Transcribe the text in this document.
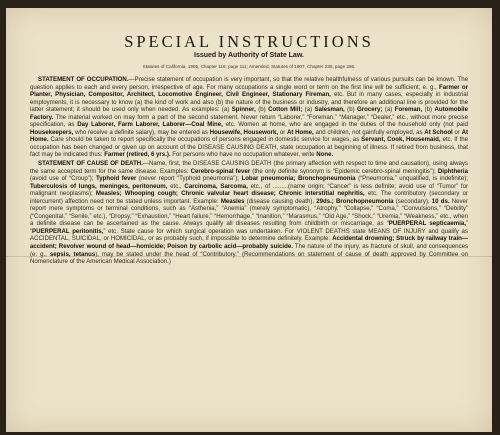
SPECIAL INSTRUCTIONS

Issued by Authority of State Law.

Statutes of California, 1905, Chapter 118, page 111; Amended, Statutes of 1907, Chapter 236, page 286.

STATEMENT OF OCCUPATION.—Precise statement of occupation is very important, so that the relative healthfulness of various pursuits can be known. The question applies to each and every person, irrespective of age. For many occupations a single word or term on the first line will be sufficient; e. g., Farmer or Planter, Physician, Compositor, Architect, Locomotive Engineer, Civil Engineer, Stationary Fireman, etc. But in many cases, especially in industrial employments, it is necessary to know (a) the kind of work and also (b) the nature of the business or industry, and therefore an additional line is provided for the latter statement; it should be used only when needed. As examples: (a) Spinner, (b) Cotton Mill; (a) Salesman, (b) Grocery; (a) Foreman, (b) Automobile Factory. The material worked on may form a part of the second statement. Never return “Laborer,” “Foreman,” “Manager,” “Dealer,” etc., without more precise specification, as Day Laborer, Farm Laborer, Laborer—Coal Mine, etc. Women at home, who are engaged in the duties of the household only (not paid Housekeepers, who receive a definite salary), may be entered as Housewife, Housework, or At Home, and children, not gainfully employed, as At School or At Home. Care should be taken to report specifically the occupations of persons engaged in domestic service for wages, as Servant, Cook, Housemaid, etc. If the occupation has been changed or given up on account of the DISEASE CAUSING DEATH, state occupation at beginning of illness. If retired from business, that fact may be indicated thus: Farmer (retired, 6 yrs.). For persons who have no occupation whatever, write None.

STATEMENT OF CAUSE OF DEATH.—Name, first, the DISEASE CAUSING DEATH (the primary affection with respect to time and causation), using always the same accepted term for the same disease. Examples: Cerebro-spinal fever (the only definite synonym is “Epidemic cerebro-spinal meningitis”); Diphtheria (avoid use of “Croup”); Typhoid fever (never report “Typhoid pneumonia”); Lobar pneumonia; Bronchopneumonia (“Pneumonia,” unqualified, is indefinite); Tuberculosis of lungs, meninges, peritoneum, etc., Carcinoma, Sarcoma, etc., of .........(name origin; “Cancer” is less definite; avoid use of “Tumor” for malignant neoplasms); Measles; Whooping cough; Chronic valvular heart disease; Chronic interstitial nephritis, etc. The contributory (secondary or intercurrent) affection need not be stated unless important. Example: Measles (disease causing death), 29ds.; Bronchopneumonia (secondary), 10 ds. Never report mere symptoms or terminal conditions, such as “Asthenia,” “Anemia” (merely symptomatic), “Atrophy,” “Collapse,” “Coma,” “Convulsions,” “Debility” (“Congenital,” “Senile,” etc.), “Dropsy,” “Exhaustion,” “Heart failure,” “Hemorrhage,” “Inanition,” “Marasmus,” “Old Age,” “Shock,” “Uremia,” “Weakness,” etc., when a definite disease can be ascertained as the cause. Always qualify all diseases resulting from childbirth or miscarriage, as “PUERPERAL septicaemia,” “PUERPERAL peritonitis,” etc. State cause for which surgical operation was undertaken. For VIOLENT DEATHS state MEANS OF INJURY and qualify as ACCIDENTAL, SUICIDAL, or HOMICIDAL, or as probably such, if impossible to determine definitely. Example: Accidental drowning; Struck by railway train—accident; Revolver wound of head—homicide; Poison by carbolic acid—probably suicide. The nature of the injury, as fracture of skull, and consequences (e. g., sepsis, tetanus), may be stated under the head of “Contributory.” (Recommendations on statement of cause of death approved by Committee on Nomenclature of the American Medical Association.)
